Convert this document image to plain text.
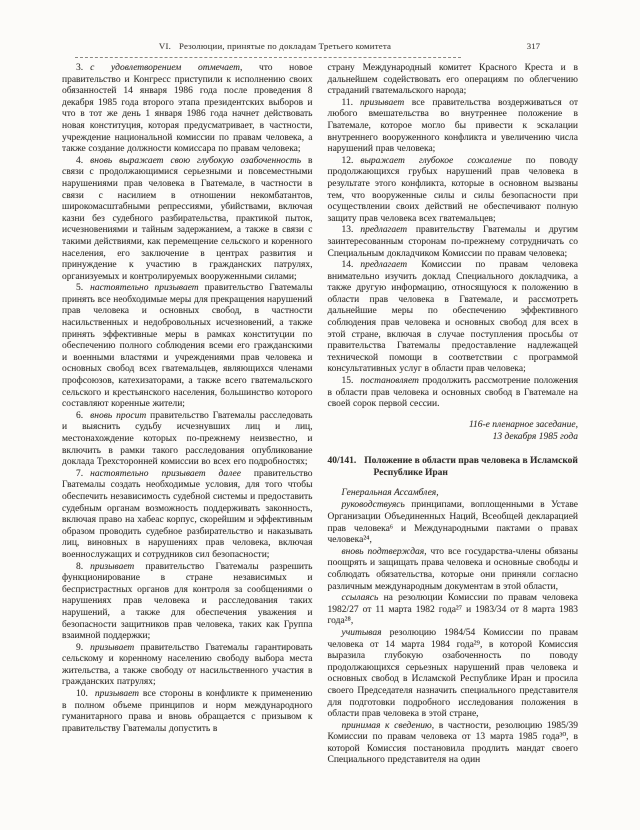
VI. Резолюции, принятые по докладам Третьего комитета	317

3. с удовлетворением отмечает, что новое правительство и Конгресс приступили к исполнению своих обязанностей 14 января 1986 года после проведения 8 декабря 1985 года второго этапа президентских выборов и что в тот же день 1 января 1986 года начнет действовать новая конституция, которая предусматривает, в частности, учреждение национальной комиссии по правам человека, а также создание должности комиссара по правам человека;

4. вновь выражает свою глубокую озабоченность в связи с продолжающимися серьезными и повсеместными нарушениями прав человека в Гватемале, в частности в связи с насилием в отношении некомбатантов, широкомасштабными репрессиями, убийствами, включая казни без судебного разбирательства, практикой пыток, исчезновениями и тайным задержанием, а также в связи с такими действиями, как перемещение сельского и коренного населения, его заключение в центрах развития и принуждение к участию в гражданских патрулях, организуемых и контролируемых вооруженными силами;

5. настоятельно призывает правительство Гватемалы принять все необходимые меры для прекращения нарушений прав человека и основных свобод, в частности насильственных и недобровольных исчезновений, а также принять эффективные меры в рамках конституции по обеспечению полного соблюдения всеми его гражданскими и военными властями и учреждениями прав человека и основных свобод всех гватемальцев, являющихся членами профсоюзов, катехизаторами, а также всего гватемальского сельского и крестьянского населения, большинство которого составляют коренные жители;

6. вновь просит правительство Гватемалы расследовать и выяснить судьбу исчезнувших лиц и лиц, местонахождение которых по-прежнему неизвестно, и включить в рамки такого расследования опубликование доклада Трехсторонней комиссии во всех его подробностях;

7. настоятельно призывает далее правительство Гватемалы создать необходимые условия, для того чтобы обеспечить независимость судебной системы и предоставить судебным органам возможность поддерживать законность, включая право на хабеас корпус, скорейшим и эффективным образом проводить судебное разбирательство и наказывать лиц, виновных в нарушениях прав человека, включая военнослужащих и сотрудников сил безопасности;

8. призывает правительство Гватемалы разрешить функционирование в стране независимых и беспристрастных органов для контроля за сообщениями о нарушениях прав человека и расследования таких нарушений, а также для обеспечения уважения и безопасности защитников прав человека, таких как Группа взаимной поддержки;

9. призывает правительство Гватемалы гарантировать сельскому и коренному населению свободу выбора места жительства, а также свободу от насильственного участия в гражданских патрулях;

10. призывает все стороны в конфликте к применению в полном объеме принципов и норм международного гуманитарного права и вновь обращается с призывом к правительству Гватемалы допустить в

страну Международный комитет Красного Креста и в дальнейшем содействовать его операциям по облегчению страданий гватемальского народа;

11. призывает все правительства воздерживаться от любого вмешательства во внутреннее положение в Гватемале, которое могло бы привести к эскалации внутреннего вооруженного конфликта и увеличению числа нарушений прав человека;

12. выражает глубокое сожаление по поводу продолжающихся грубых нарушений прав человека в результате этого конфликта, которые в основном вызваны тем, что вооруженные силы и силы безопасности при осуществлении своих действий не обеспечивают полную защиту прав человека всех гватемальцев;

13. предлагает правительству Гватемалы и другим заинтересованным сторонам по-прежнему сотрудничать со Специальным докладчиком Комиссии по правам человека;

14. предлагает Комиссии по правам человека внимательно изучить доклад Специального докладчика, а также другую информацию, относящуюся к положению в области прав человека в Гватемале, и рассмотреть дальнейшие меры по обеспечению эффективного соблюдения прав человека и основных свобод для всех в этой стране, включая в случае поступления просьбы от правительства Гватемалы предоставление надлежащей технической помощи в соответствии с программой консультативных услуг в области прав человека;

15. постановляет продолжить рассмотрение положения в области прав человека и основных свобод в Гватемале на своей сорок первой сессии.

116-е пленарное заседание,
13 декабря 1985 года

40/141. Положение в области прав человека в Исламской Республике Иран

Генеральная Ассамблея,

руководствуясь принципами, воплощенными в Уставе Организации Объединенных Наций, Всеобщей декларацией прав человека⁶ и Международными пактами о правах человека²⁴,

вновь подтверждая, что все государства-члены обязаны поощрять и защищать права человека и основные свободы и соблюдать обязательства, которые они приняли согласно различным международным документам в этой области,

ссылаясь на резолюции Комиссии по правам человека 1982/27 от 11 марта 1982 года²⁷ и 1983/34 от 8 марта 1983 года²⁸,

учитывая резолюцию 1984/54 Комиссии по правам человека от 14 марта 1984 года²⁹, в которой Комиссия выразила глубокую озабоченность по поводу продолжающихся серьезных нарушений прав человека и основных свобод в Исламской Республике Иран и просила своего Председателя назначить специального представителя для подготовки подробного исследования положения в области прав человека в этой стране,

принимая к сведению, в частности, резолюцию 1985/39 Комиссии по правам человека от 13 марта 1985 года³⁰, в которой Комиссия постановила продлить мандат своего Специального представителя на один
